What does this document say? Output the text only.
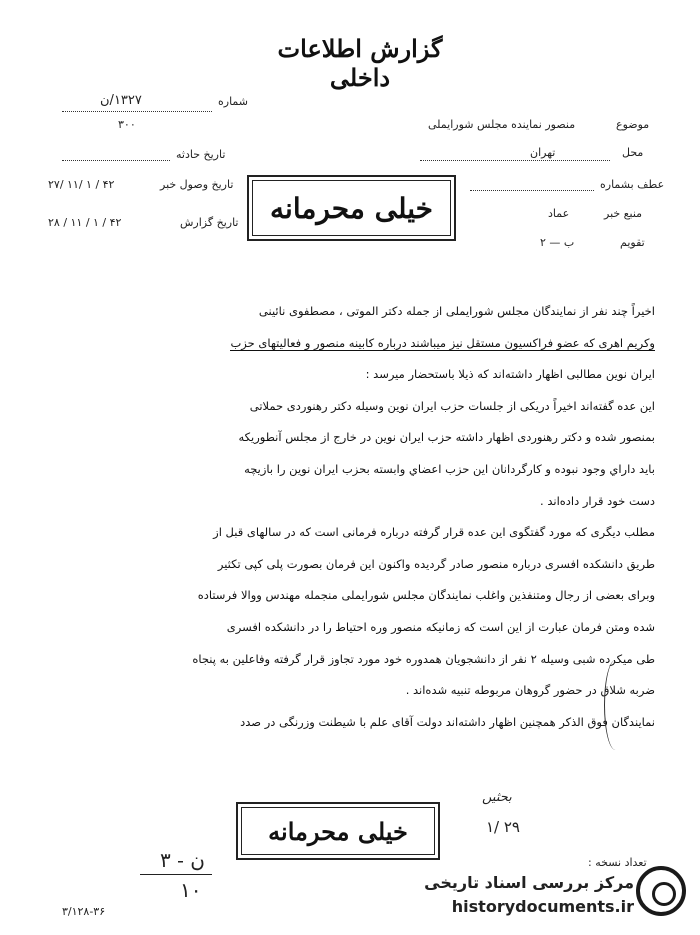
گزارش اطلاعات داخلی
شماره
۱۳۲۷/ن
۳۰۰
تاریخ حادثه
تاریخ وصول خبر
۲۷/ ۱۱/ ۱ / ۴۲
تاریخ گزارش
۲۸ / ۱۱ / ۱ / ۴۲
موضوع
منصور نماینده مجلس شورایملی
محل
تهران
عطف بشماره
منبع خبر
عماد
تقویم
ب — ۲
خیلی محرمانه
اخیراً چند نفر از نمایندگان مجلس شورایملی از جمله دکتر الموتی ، مصطفوی نائینی
وکریم اهری که عضو فراکسیون مستقل نیز میباشند درباره کابینه منصور و فعالیتهای حزب
ایران نوین مطالبی اظهار داشته‌اند که ذیلا باستحضار میرسد :
این عده گفته‌اند اخیراً دریکی از جلسات حزب ایران نوین وسیله دکتر رهنوردی حملاتی
بمنصور شده و دکتر رهنوردی اظهار داشته حزب ایران نوین در خارج از مجلس آنطوریکه
باید داراي وجود نبوده و کارگردانان این حزب اعضاي وابسته بحزب ایران نوین را بازیچه
دست خود قرار داده‌اند .
مطلب دیگری که مورد گفتگوی این عده قرار گرفته درباره فرمانی است که در سالهای قبل از
طریق دانشکده افسری درباره منصور صادر گردیده واکنون این فرمان بصورت پلی کپی تکثیر
وبرای بعضی از رجال ومتنفذین واغلب نمایندگان مجلس شورایملی منجمله مهندس ووالا فرستاده
شده ومتن فرمان عبارت از این است که زمانیکه منصور وره احتیاط را در دانشکده افسری
طی میکرده شبی وسیله ۲ نفر از دانشجویان همدوره خود مورد تجاوز قرار گرفته وفاعلین به پنجاه
ضربه شلاق در حضور گروهان مربوطه تنبیه شده‌اند .
نمایندگان فوق الذکر همچنین اظهار داشته‌اند دولت آقای علم با شیطنت وزرنگی در صدد
بحثیں
۱/ ۲۹
خیلی محرمانه
تعداد نسخه :
ن - ۳
۱۰
۳/۱۲۸-۳۶
مرکز بررسی اسناد تاریخی
historydocuments.ir
